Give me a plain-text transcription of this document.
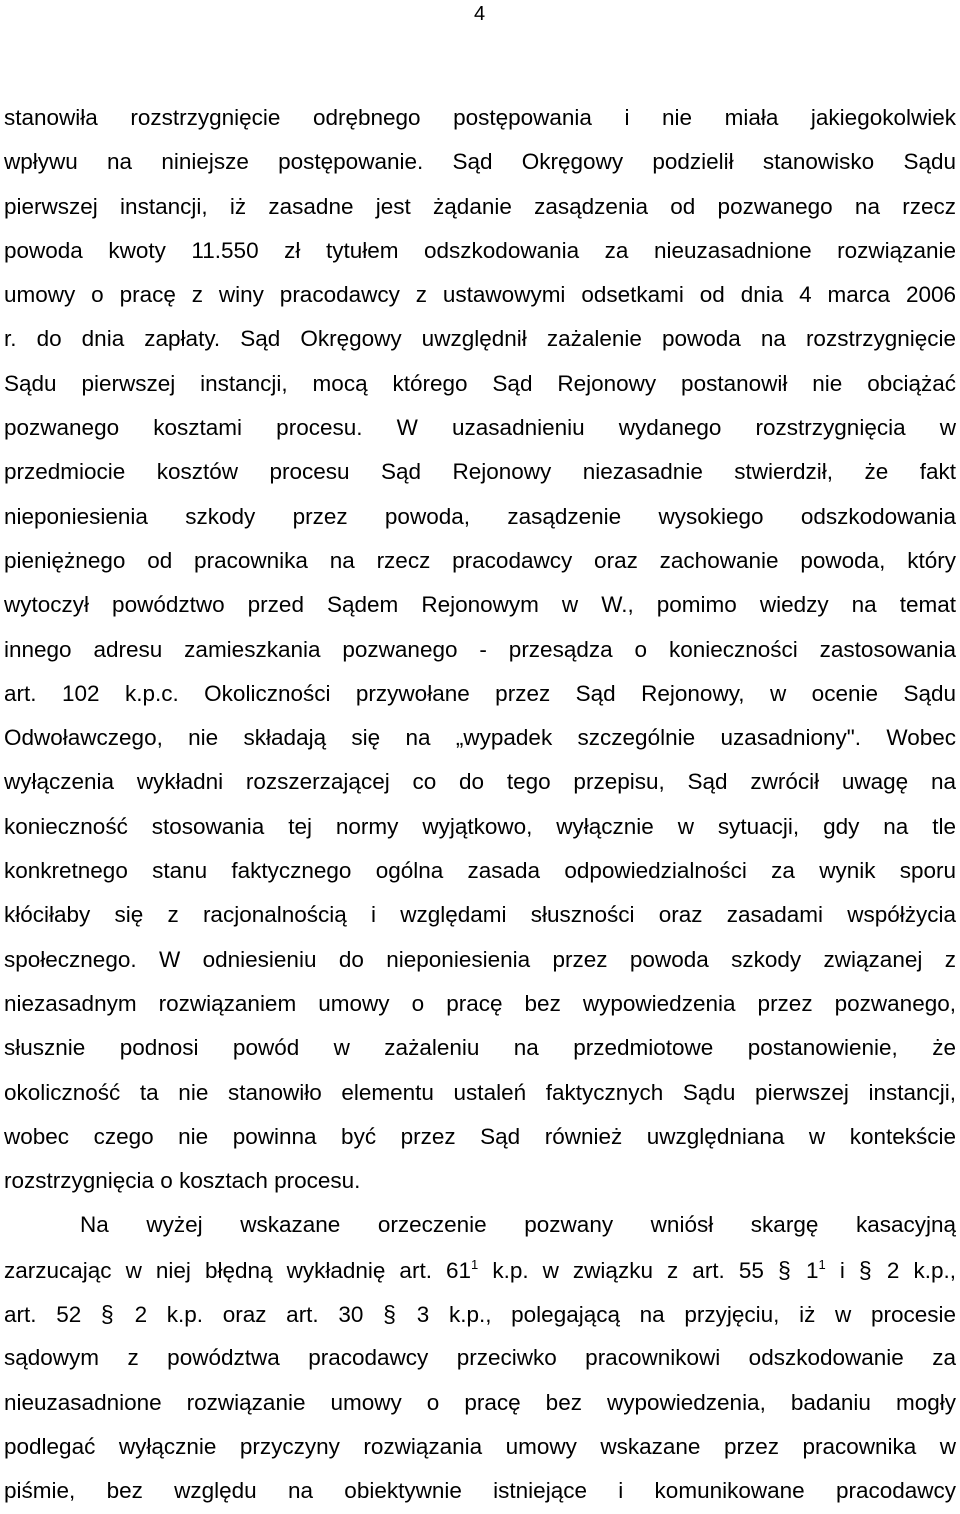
4
stanowiła rozstrzygnięcie odrębnego postępowania i nie miała jakiegokolwiek
wpływu na niniejsze postępowanie. Sąd Okręgowy podzielił stanowisko Sądu
pierwszej instancji, iż zasadne jest żądanie zasądzenia od pozwanego na rzecz
powoda kwoty 11.550 zł tytułem odszkodowania za nieuzasadnione rozwiązanie
umowy o pracę z winy pracodawcy z ustawowymi odsetkami od dnia 4 marca 2006
r. do dnia zapłaty. Sąd Okręgowy uwzględnił zażalenie powoda na rozstrzygnięcie
Sądu pierwszej instancji, mocą którego Sąd Rejonowy postanowił nie obciążać
pozwanego kosztami procesu. W uzasadnieniu wydanego rozstrzygnięcia w
przedmiocie kosztów procesu Sąd Rejonowy niezasadnie stwierdził, że fakt
nieponiesienia szkody przez powoda, zasądzenie wysokiego odszkodowania
pieniężnego od pracownika na rzecz pracodawcy oraz zachowanie powoda, który
wytoczył powództwo przed Sądem Rejonowym w W., pomimo wiedzy na temat
innego adresu zamieszkania pozwanego - przesądza o konieczności zastosowania
art. 102 k.p.c. Okoliczności przywołane przez Sąd Rejonowy, w ocenie Sądu
Odwoławczego, nie składają się na „wypadek szczególnie uzasadniony". Wobec
wyłączenia wykładni rozszerzającej co do tego przepisu, Sąd zwrócił uwagę na
konieczność stosowania tej normy wyjątkowo, wyłącznie w sytuacji, gdy na tle
konkretnego stanu faktycznego ogólna zasada odpowiedzialności za wynik sporu
kłóciłaby się z racjonalnością i względami słuszności oraz zasadami współżycia
społecznego. W odniesieniu do nieponiesienia przez powoda szkody związanej z
niezasadnym rozwiązaniem umowy o pracę bez wypowiedzenia przez pozwanego,
słusznie podnosi powód w zażaleniu na przedmiotowe postanowienie, że
okoliczność ta nie stanowiło elementu ustaleń faktycznych Sądu pierwszej instancji,
wobec czego nie powinna być przez Sąd również uwzględniana w kontekście
rozstrzygnięcia o kosztach procesu.
Na wyżej wskazane orzeczenie pozwany wniósł skargę kasacyjną
zarzucając w niej błędną wykładnię art. $61^1$ k.p. w związku z art. 55 § $1^1$ i § 2 k.p.,
art. 52 § 2 k.p. oraz art. 30 § 3 k.p., polegającą na przyjęciu, iż w procesie
sądowym z powództwa pracodawcy przeciwko pracownikowi odszkodowanie za
nieuzasadnione rozwiązanie umowy o pracę bez wypowiedzenia, badaniu mogły
podlegać wyłącznie przyczyny rozwiązania umowy wskazane przez pracownika w
piśmie, bez względu na obiektywnie istniejące i komunikowane pracodawcy
